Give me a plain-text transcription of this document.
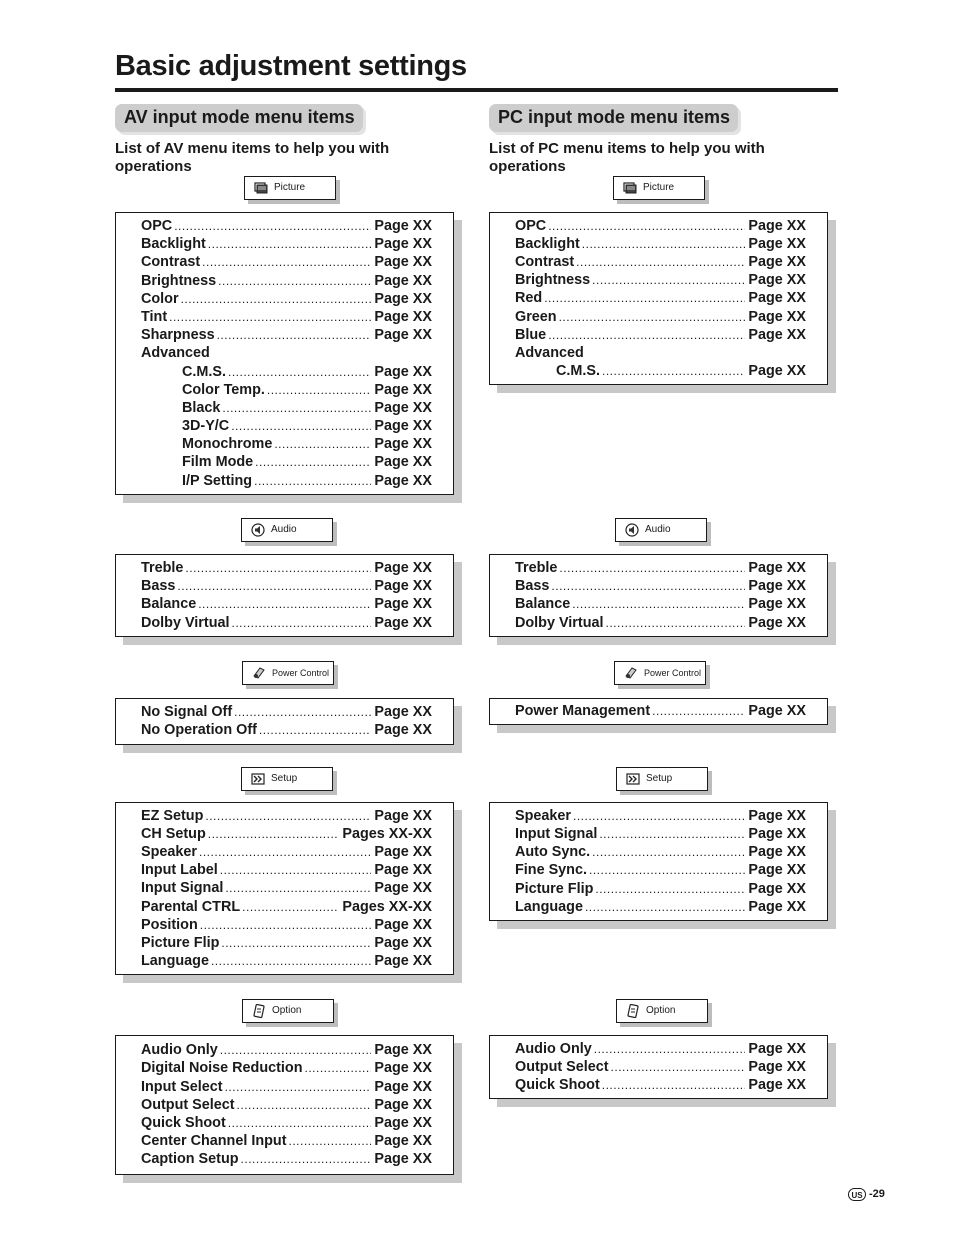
Basic adjustment settings
AV input mode menu items
List of AV menu items to help you with operations
PC input mode menu items
List of PC menu items to help you with operations
Picture
OPC .....	Page XX
Backlight .....	Page XX
Contrast .....	Page XX
Brightness .....	Page XX
Color .....	Page XX
Tint .....	Page XX
Sharpness .....	Page XX
Advanced
C.M.S. .....	Page XX
Color Temp. .....	Page XX
Black .....	Page XX
3D-Y/C .....	Page XX
Monochrome .....	Page XX
Film Mode .....	Page XX
I/P Setting .....	Page XX
Audio
Treble .....	Page XX
Bass .....	Page XX
Balance .....	Page XX
Dolby Virtual .....	Page XX
Power Control
No Signal Off .....	Page XX
No Operation Off .....	Page XX
Setup
EZ Setup .....	Page XX
CH Setup .....	Pages XX-XX
Speaker .....	Page XX
Input Label .....	Page XX
Input Signal .....	Page XX
Parental CTRL .....	Pages XX-XX
Position .....	Page XX
Picture Flip .....	Page XX
Language .....	Page XX
Option
Audio Only .....	Page XX
Digital Noise Reduction .....	Page XX
Input Select .....	Page XX
Output Select .....	Page XX
Quick Shoot .....	Page XX
Center Channel Input .....	Page XX
Caption Setup .....	Page XX
Picture
OPC .....	Page XX
Backlight .....	Page XX
Contrast .....	Page XX
Brightness .....	Page XX
Red .....	Page XX
Green .....	Page XX
Blue .....	Page XX
Advanced
C.M.S. .....	Page XX
Audio
Treble .....	Page XX
Bass .....	Page XX
Balance .....	Page XX
Dolby Virtual .....	Page XX
Power Control
Power Management .....	Page XX
Setup
Speaker .....	Page XX
Input Signal .....	Page XX
Auto Sync. .....	Page XX
Fine Sync. .....	Page XX
Picture Flip .....	Page XX
Language .....	Page XX
Option
Audio Only .....	Page XX
Output Select .....	Page XX
Quick Shoot .....	Page XX
US -29
